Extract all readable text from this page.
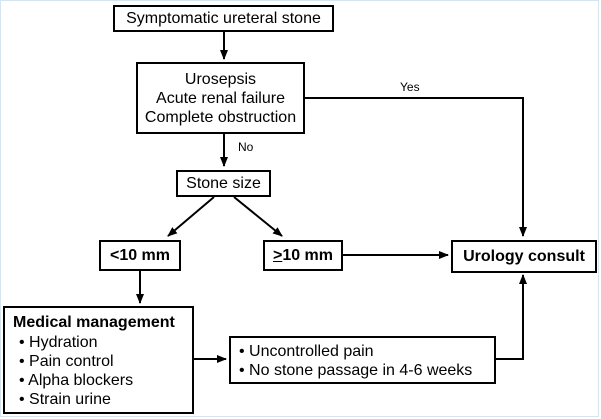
Symptomatic ureteral stone
Urosepsis
Acute renal failure
Complete obstruction
Yes
No
Stone size
<10 mm	> 10 mm	Urology consult
Medical management
• Hydration
• Pain control
• Alpha blockers
• Strain urine
• Uncontrolled pain
• No stone passage in 4-6 weeks
